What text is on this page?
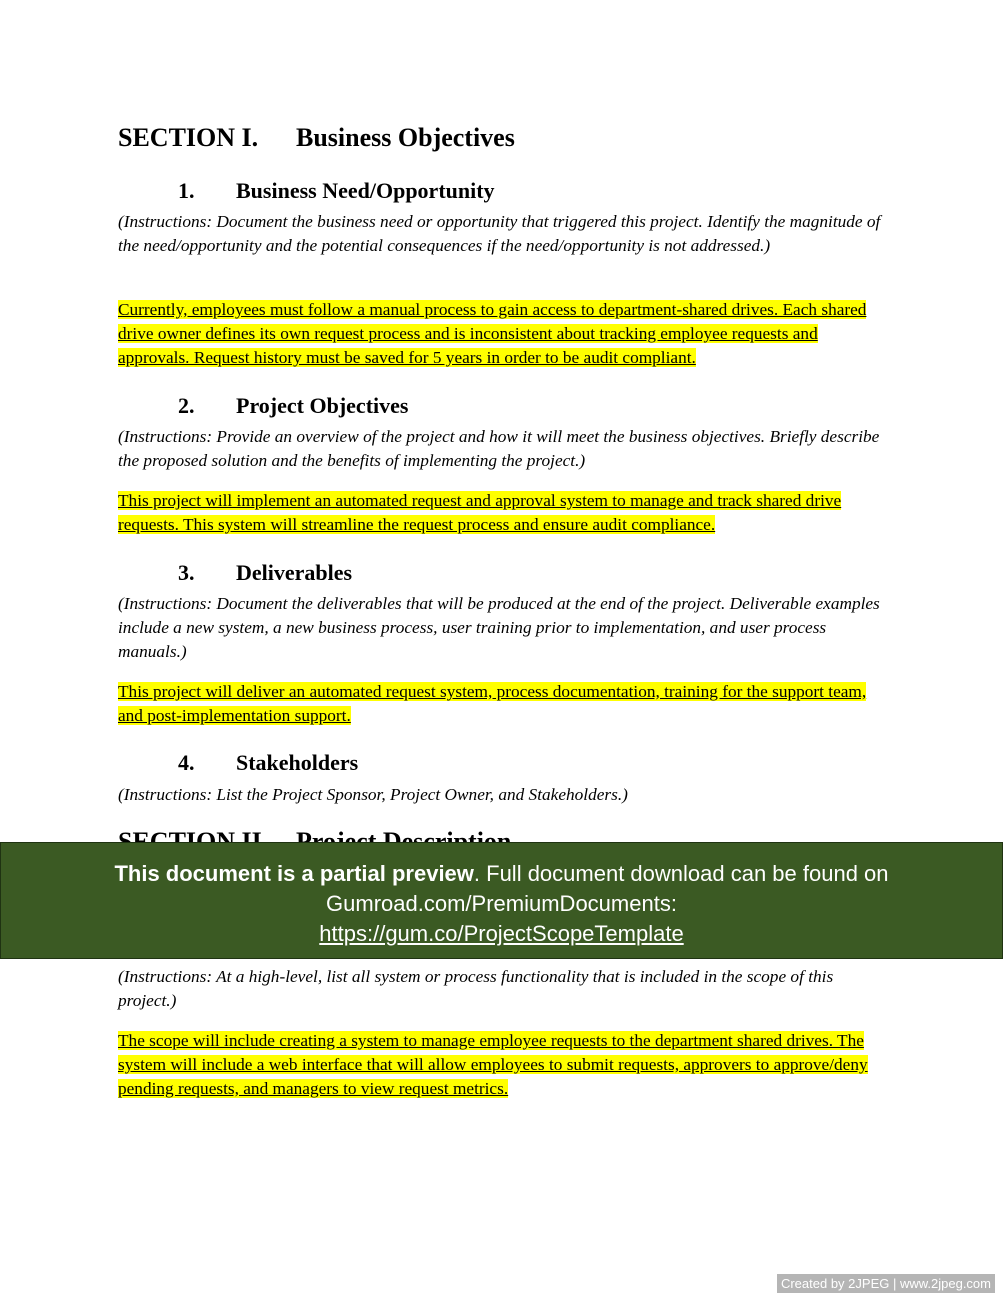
SECTION I. Business Objectives
1. Business Need/Opportunity

(Instructions: Document the business need or opportunity that triggered this project. Identify the magnitude of the need/opportunity and the potential consequences if the need/opportunity is not addressed.)

Currently, employees must follow a manual process to gain access to department-shared drives. Each shared drive owner defines its own request process and is inconsistent about tracking employee requests and approvals. Request history must be saved for 5 years in order to be audit compliant.

2. Project Objectives

(Instructions: Provide an overview of the project and how it will meet the business objectives. Briefly describe the proposed solution and the benefits of implementing the project.)

This project will implement an automated request and approval system to manage and track shared drive requests. This system will streamline the request process and ensure audit compliance.

3. Deliverables

(Instructions: Document the deliverables that will be produced at the end of the project. Deliverable examples include a new system, a new business process, user training prior to implementation, and user process manuals.)

This project will deliver an automated request system, process documentation, training for the support team, and post-implementation support.

4. Stakeholders

(Instructions: List the Project Sponsor, Project Owner, and Stakeholders.)

(Instructions: At a high-level, list all system or process functionality that is included in the scope of this project.)

The scope will include creating a system to manage employee requests to the department shared drives. The system will include a web interface that will allow employees to submit requests, approvers to approve/deny pending requests, and managers to view request metrics.

This document is a partial preview. Full document download can be found on Gumroad.com/PremiumDocuments:
https://gum.co/ProjectScopeTemplate
Created by 2JPEG | www.2jpeg.com
